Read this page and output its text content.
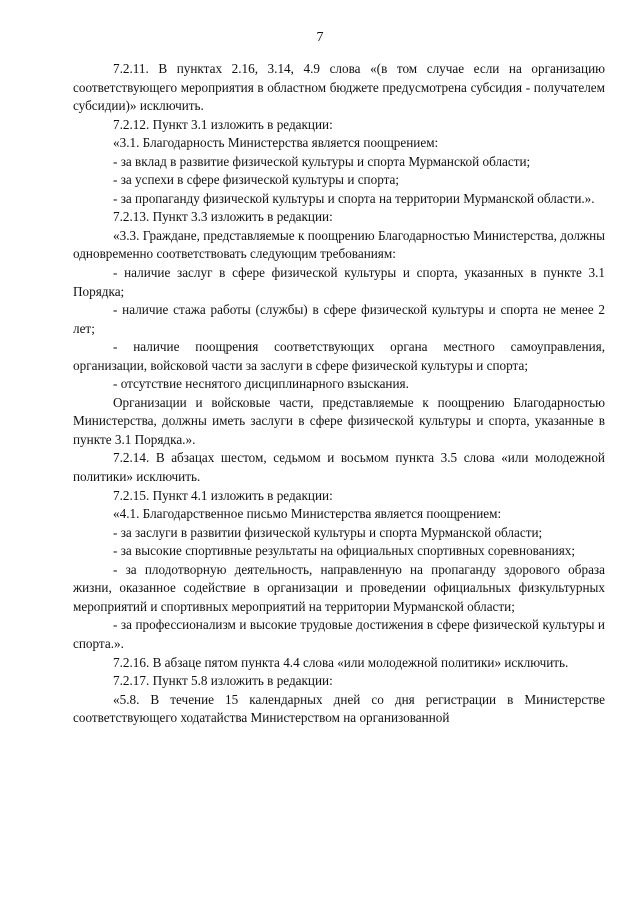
7

7.2.11. В пунктах 2.16, 3.14, 4.9 слова «(в том случае если на организацию соответствующего мероприятия в областном бюджете предусмотрена субсидия - получателем субсидии)» исключить.

7.2.12. Пункт 3.1 изложить в редакции:

«3.1. Благодарность Министерства является поощрением:

- за вклад в развитие физической культуры и спорта Мурманской области;

- за успехи в сфере физической культуры и спорта;

- за пропаганду физической культуры и спорта на территории Мурманской области.».

7.2.13. Пункт 3.3 изложить в редакции:

«3.3. Граждане, представляемые к поощрению Благодарностью Министерства, должны одновременно соответствовать следующим требованиям:

- наличие заслуг в сфере физической культуры и спорта, указанных в пункте 3.1 Порядка;

- наличие стажа работы (службы) в сфере физической культуры и спорта не менее 2 лет;

- наличие поощрения соответствующих органа местного самоуправления, организации, войсковой части за заслуги в сфере физической культуры и спорта;

- отсутствие неснятого дисциплинарного взыскания.

Организации и войсковые части, представляемые к поощрению Благодарностью Министерства, должны иметь заслуги в сфере физической культуры и спорта, указанные в пункте 3.1 Порядка.».

7.2.14. В абзацах шестом, седьмом и восьмом пункта 3.5 слова «или молодежной политики» исключить.

7.2.15. Пункт 4.1 изложить в редакции:

«4.1. Благодарственное письмо Министерства является поощрением:

- за заслуги в развитии физической культуры и спорта Мурманской области;

- за высокие спортивные результаты на официальных спортивных соревнованиях;

- за плодотворную деятельность, направленную на пропаганду здорового образа жизни, оказанное содействие в организации и проведении официальных физкультурных мероприятий и спортивных мероприятий на территории Мурманской области;

- за профессионализм и высокие трудовые достижения в сфере физической культуры и спорта.».

7.2.16. В абзаце пятом пункта 4.4 слова «или молодежной политики» исключить.

7.2.17. Пункт 5.8 изложить в редакции:

«5.8. В течение 15 календарных дней со дня регистрации в Министерстве соответствующего ходатайства Министерством на организованной
